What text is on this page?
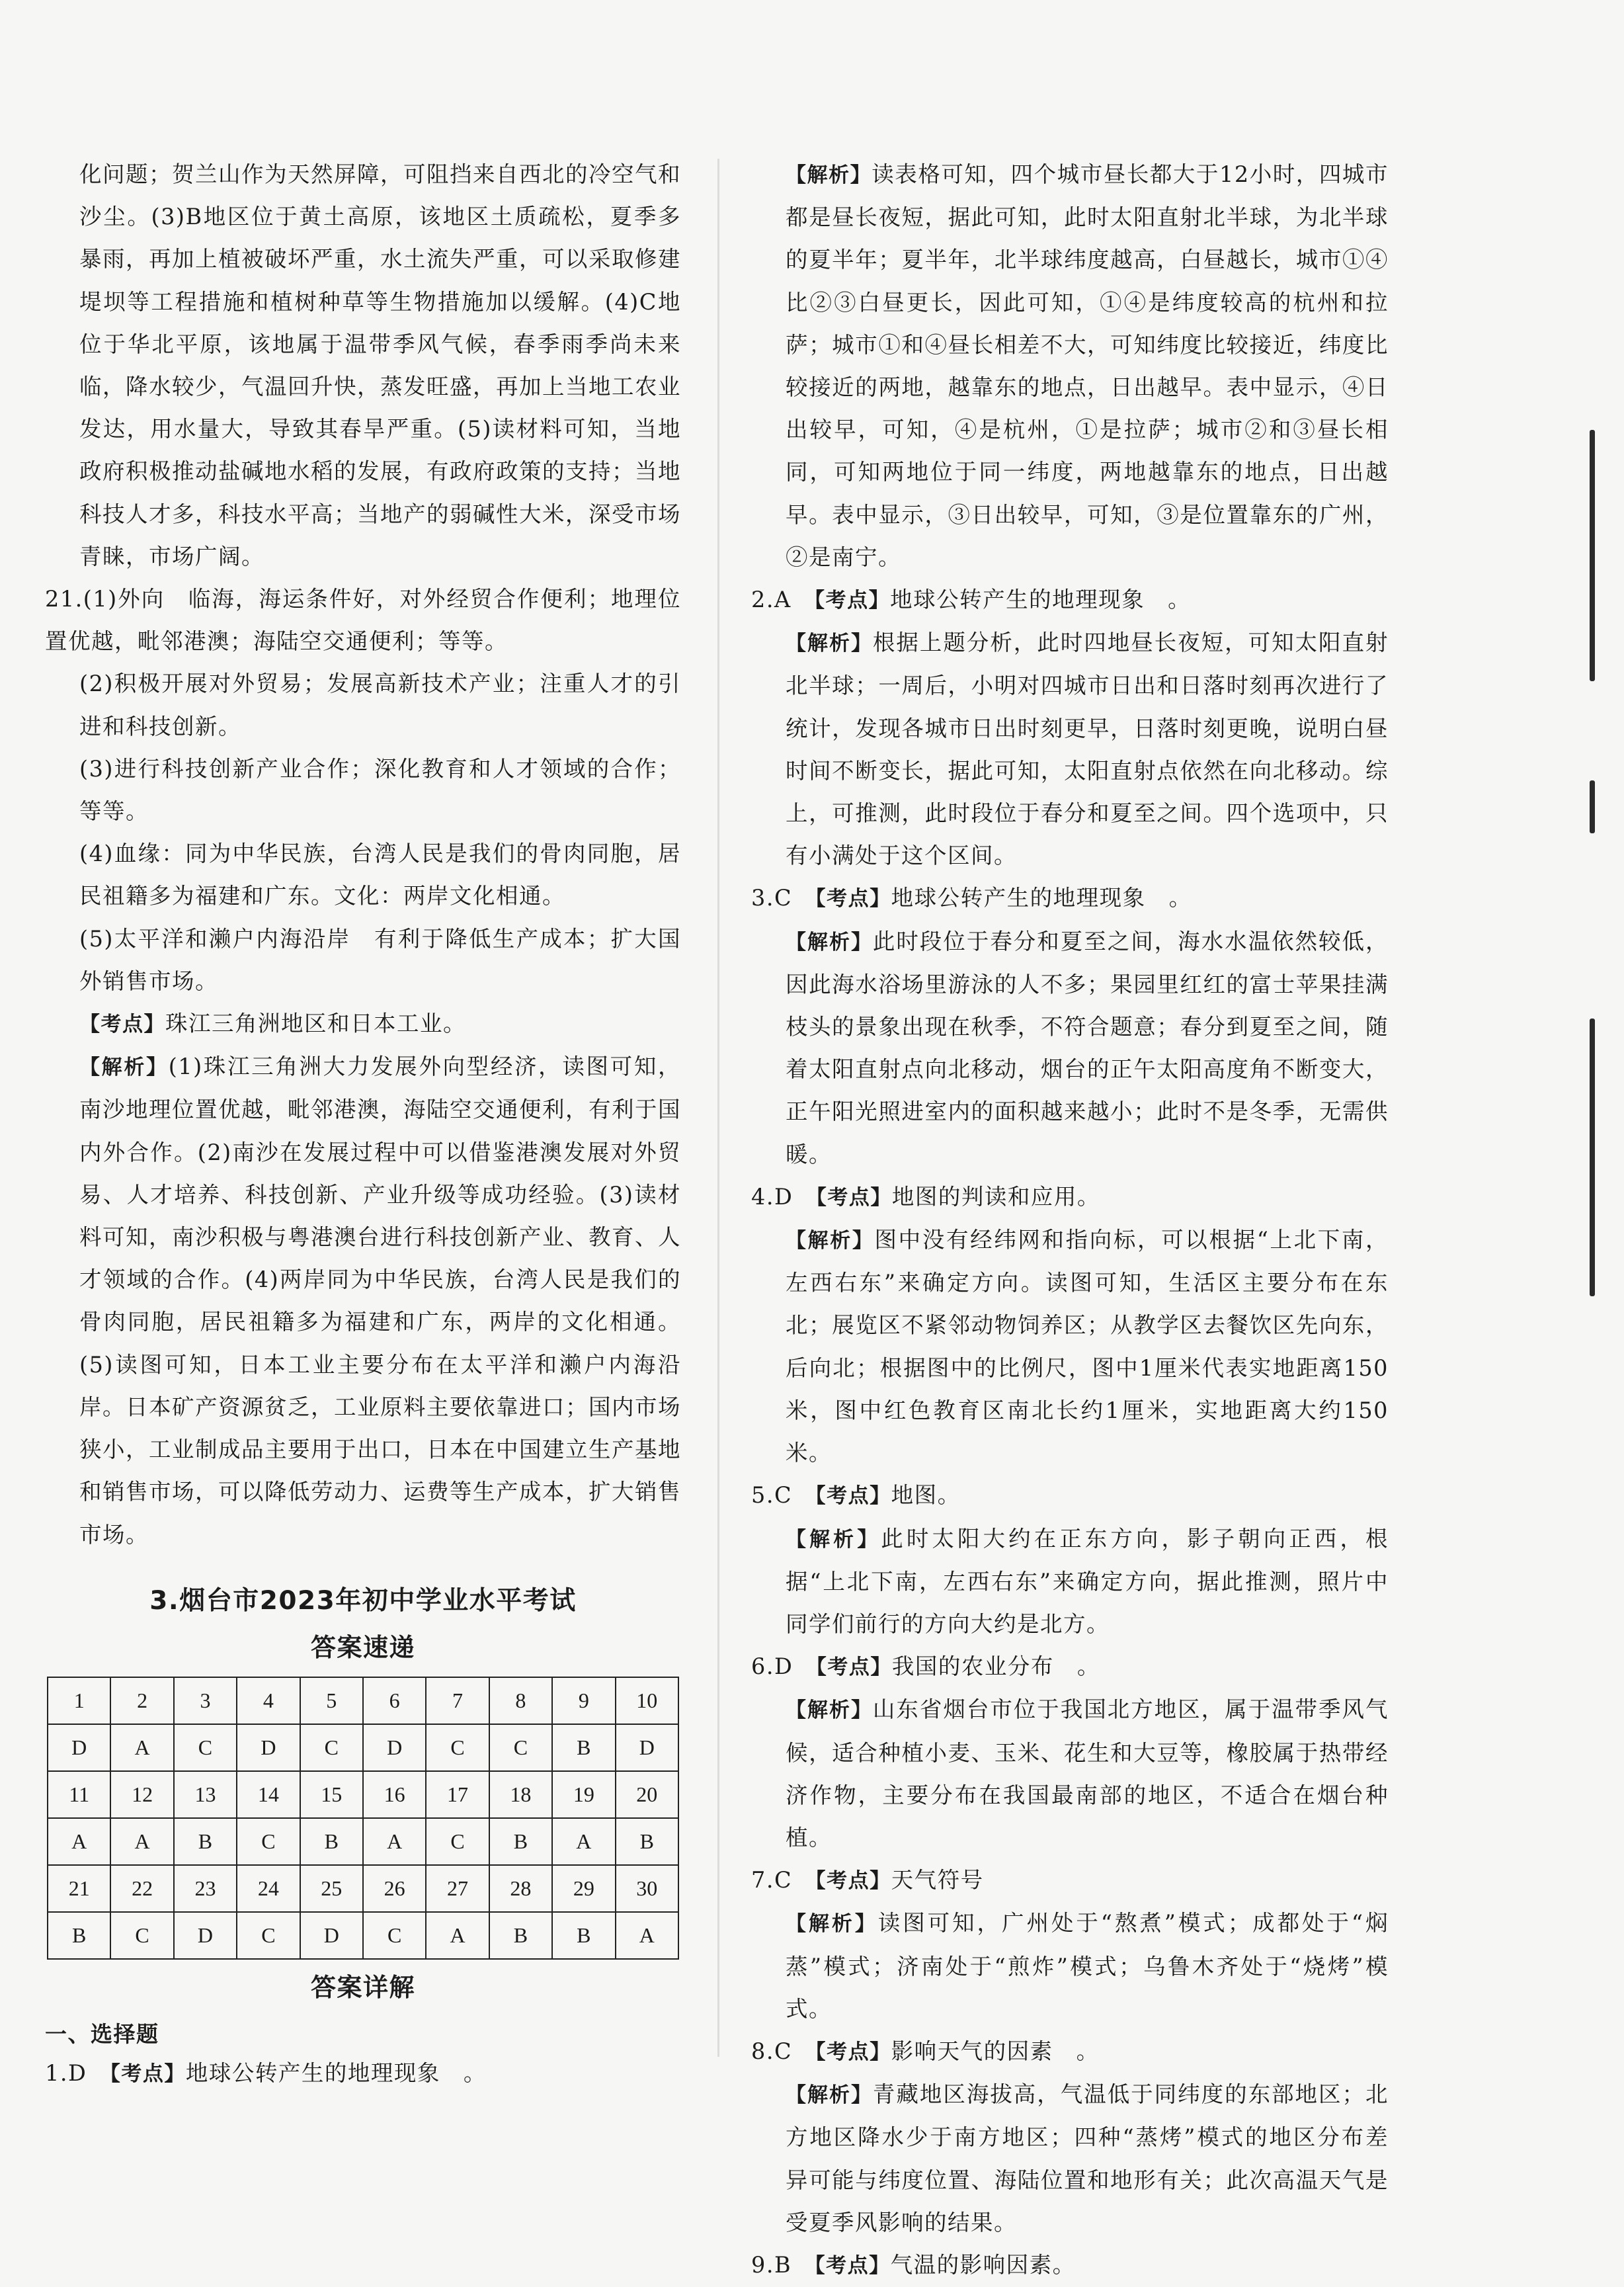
化问题；贺兰山作为天然屏障，可阻挡来自西北的冷空气和沙尘。(3)B地区位于黄土高原，该地区土质疏松，夏季多暴雨，再加上植被破坏严重，水土流失严重，可以采取修建堤坝等工程措施和植树种草等生物措施加以缓解。(4)C地位于华北平原，该地属于温带季风气候，春季雨季尚未来临，降水较少，气温回升快，蒸发旺盛，再加上当地工农业发达，用水量大，导致其春旱严重。(5)读材料可知，当地政府积极推动盐碱地水稻的发展，有政府政策的支持；当地科技人才多，科技水平高；当地产的弱碱性大米，深受市场青睐，市场广阔。

21.(1)外向　临海，海运条件好，对外经贸合作便利；地理位置优越，毗邻港澳；海陆空交通便利；等等。

(2)积极开展对外贸易；发展高新技术产业；注重人才的引进和科技创新。

(3)进行科技创新产业合作；深化教育和人才领域的合作；等等。

(4)血缘：同为中华民族，台湾人民是我们的骨肉同胞，居民祖籍多为福建和广东。文化：两岸文化相通。

(5)太平洋和濑户内海沿岸　有利于降低生产成本；扩大国外销售市场。

【考点】珠江三角洲地区和日本工业。

【解析】(1)珠江三角洲大力发展外向型经济，读图可知，南沙地理位置优越，毗邻港澳，海陆空交通便利，有利于国内外合作。(2)南沙在发展过程中可以借鉴港澳发展对外贸易、人才培养、科技创新、产业升级等成功经验。(3)读材料可知，南沙积极与粤港澳台进行科技创新产业、教育、人才领域的合作。(4)两岸同为中华民族，台湾人民是我们的骨肉同胞，居民祖籍多为福建和广东，两岸的文化相通。(5)读图可知，日本工业主要分布在太平洋和濑户内海沿岸。日本矿产资源贫乏，工业原料主要依靠进口；国内市场狭小，工业制成品主要用于出口，日本在中国建立生产基地和销售市场，可以降低劳动力、运费等生产成本，扩大销售市场。

3.烟台市2023年初中学业水平考试
答案速递
1	2	3	4	5	6	7	8	9	10
D	A	C	D	C	D	C	C	B	D
11	12	13	14	15	16	17	18	19	20
A	A	B	C	B	A	C	B	A	B
21	22	23	24	25	26	27	28	29	30
B	C	D	C	D	C	A	B	B	A
答案详解
一、选择题

1.D　 【考点】地球公转产生的地理现象　。

【解析】读表格可知，四个城市昼长都大于12小时，四城市都是昼长夜短，据此可知，此时太阳直射北半球，为北半球的夏半年；夏半年，北半球纬度越高，白昼越长，城市①④比②③白昼更长，因此可知，①④是纬度较高的杭州和拉萨；城市①和④昼长相差不大，可知纬度比较接近，纬度比较接近的两地，越靠东的地点，日出越早。表中显示，④日出较早，可知，④是杭州，①是拉萨；城市②和③昼长相同，可知两地位于同一纬度，两地越靠东的地点，日出越早。表中显示，③日出较早，可知，③是位置靠东的广州，②是南宁。

2.A　 【考点】地球公转产生的地理现象　。

【解析】根据上题分析，此时四地昼长夜短，可知太阳直射北半球；一周后，小明对四城市日出和日落时刻再次进行了统计，发现各城市日出时刻更早，日落时刻更晚，说明白昼时间不断变长，据此可知，太阳直射点依然在向北移动。综上，可推测，此时段位于春分和夏至之间。四个选项中，只有小满处于这个区间。

3.C　 【考点】地球公转产生的地理现象　。

【解析】此时段位于春分和夏至之间，海水水温依然较低，因此海水浴场里游泳的人不多；果园里红红的富士苹果挂满枝头的景象出现在秋季，不符合题意；春分到夏至之间，随着太阳直射点向北移动，烟台的正午太阳高度角不断变大，正午阳光照进室内的面积越来越小；此时不是冬季，无需供暖。

4.D　 【考点】地图的判读和应用。

【解析】图中没有经纬网和指向标，可以根据“上北下南，左西右东”来确定方向。读图可知，生活区主要分布在东北；展览区不紧邻动物饲养区；从教学区去餐饮区先向东，后向北；根据图中的比例尺，图中1厘米代表实地距离150米，图中红色教育区南北长约1厘米，实地距离大约150米。

5.C　 【考点】地图。

【解析】此时太阳大约在正东方向，影子朝向正西，根据“上北下南，左西右东”来确定方向，据此推测，照片中同学们前行的方向大约是北方。

6.D　 【考点】我国的农业分布　。

【解析】山东省烟台市位于我国北方地区，属于温带季风气候，适合种植小麦、玉米、花生和大豆等，橡胶属于热带经济作物，主要分布在我国最南部的地区，不适合在烟台种植。

7.C　 【考点】天气符号

【解析】读图可知，广州处于“熬煮”模式；成都处于“焖蒸”模式；济南处于“煎炸”模式；乌鲁木齐处于“烧烤”模式。

8.C　 【考点】影响天气的因素　。

【解析】青藏地区海拔高，气温低于同纬度的东部地区；北方地区降水少于南方地区；四种“蒸烤”模式的地区分布差异可能与纬度位置、海陆位置和地形有关；此次高温天气是受夏季风影响的结果。

9.B　 【考点】气温的影响因素。
